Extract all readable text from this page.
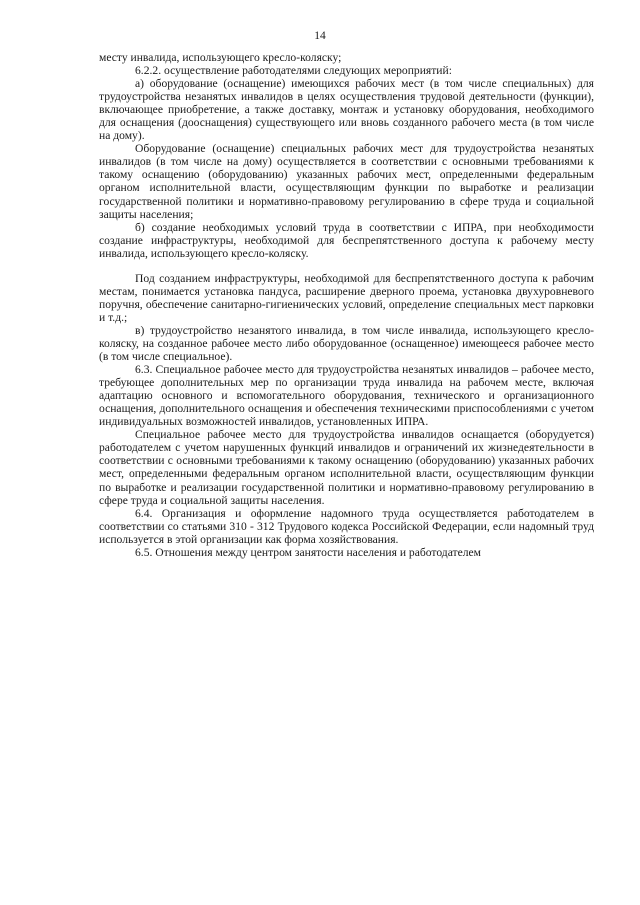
14

месту инвалида, использующего кресло-коляску;

6.2.2. осуществление работодателями следующих мероприятий:

а) оборудование (оснащение) имеющихся рабочих мест (в том числе специальных) для трудоустройства незанятых инвалидов в целях осуществления трудовой деятельности (функции), включающее приобретение, а также доставку, монтаж и установку оборудования, необходимого для оснащения (дооснащения) существующего или вновь созданного рабочего места (в том числе на дому).

Оборудование (оснащение) специальных рабочих мест для трудоустройства незанятых инвалидов (в том числе на дому) осуществляется в соответствии с основными требованиями к такому оснащению (оборудованию) указанных рабочих мест, определенными федеральным органом исполнительной власти, осуществляющим функции по выработке и реализации государственной политики и нормативно-правовому регулированию в сфере труда и социальной защиты населения;

б) создание необходимых условий труда в соответствии с ИПРА, при необходимости создание инфраструктуры, необходимой для беспрепятственного доступа к рабочему месту инвалида, использующего кресло-коляску.

Под созданием инфраструктуры, необходимой для беспрепятственного доступа к рабочим местам, понимается установка пандуса, расширение дверного проема, установка двухуровневого поручня, обеспечение санитарно-гигиенических условий, определение специальных мест парковки и т.д.;

в) трудоустройство незанятого инвалида, в том числе инвалида, использующего кресло-коляску, на созданное рабочее место либо оборудованное (оснащенное) имеющееся рабочее место (в том числе специальное).

6.3. Специальное рабочее место для трудоустройства незанятых инвалидов – рабочее место, требующее дополнительных мер по организации труда инвалида на рабочем месте, включая адаптацию основного и вспомогательного оборудования, технического и организационного оснащения, дополнительного оснащения и обеспечения техническими приспособлениями с учетом индивидуальных возможностей инвалидов, установленных ИПРА.

Специальное рабочее место для трудоустройства инвалидов оснащается (оборудуется) работодателем с учетом нарушенных функций инвалидов и ограничений их жизнедеятельности в соответствии с основными требованиями к такому оснащению (оборудованию) указанных рабочих мест, определенными федеральным органом исполнительной власти, осуществляющим функции по выработке и реализации государственной политики и нормативно-правовому регулированию в сфере труда и социальной защиты населения.

6.4. Организация и оформление надомного труда осуществляется работодателем в соответствии со статьями 310 - 312 Трудового кодекса Российской Федерации, если надомный труд используется в этой организации как форма хозяйствования.

6.5. Отношения между центром занятости населения и работодателем
